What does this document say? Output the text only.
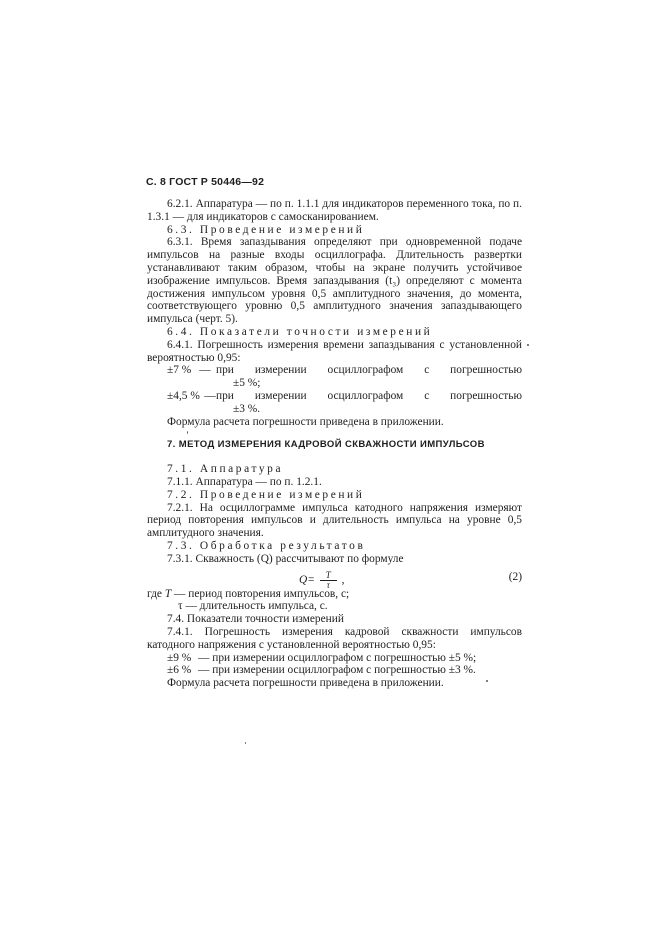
С. 8 ГОСТ Р 50446—92

6.2.1. Аппаратура — по п. 1.1.1 для индикаторов переменного тока, по п. 1.3.1 — для индикаторов с самосканированием.

6.3. Проведение измерений

6.3.1. Время запаздывания определяют при одновременной подаче импульсов на разные входы осциллографа. Длительность развертки устанавливают таким образом, чтобы на экране получить устойчивое изображение импульсов. Время запаздывания (t₃) определяют с момента достижения импульсом уровня 0,5 амплитудного значения, до момента, соответствующего уровню 0,5 амплитудного значения запаздывающего импульса (черт. 5).

6.4. Показатели точности измерений

6.4.1. Погрешность измерения времени запаздывания с установленной вероятностью 0,95:

±7 % — при измерении осциллографом с погрешностью
±5 %;
±4,5 % — при измерении осциллографом с погрешностью
±3 %.

Формула расчета погрешности приведена в приложении.

7. МЕТОД ИЗМЕРЕНИЯ КАДРОВОЙ СКВАЖНОСТИ ИМПУЛЬСОВ

7.1. Аппаратура

7.1.1. Аппаратура — по п. 1.2.1.

7.2. Проведение измерений

7.2.1. На осциллограмме импульса катодного напряжения измеряют период повторения импульсов и длительность импульса на уровне 0,5 амплитудного значения.

7.3. Обработка результатов

7.3.1. Скважность (Q) рассчитывают по формуле

$Q= \frac{T}{\tau}$ ,	(2)

где T — период повторения импульсов, с;

τ — длительность импульса, с.

7.4. Показатели точности измерений

7.4.1. Погрешность измерения кадровой скважности импульсов катодного напряжения с установленной вероятностью 0,95:

±9 % — при измерении осциллографом с погрешностью ±5 %;
±6 % — при измерении осциллографом с погрешностью ±3 %.

Формула расчета погрешности приведена в приложении.
